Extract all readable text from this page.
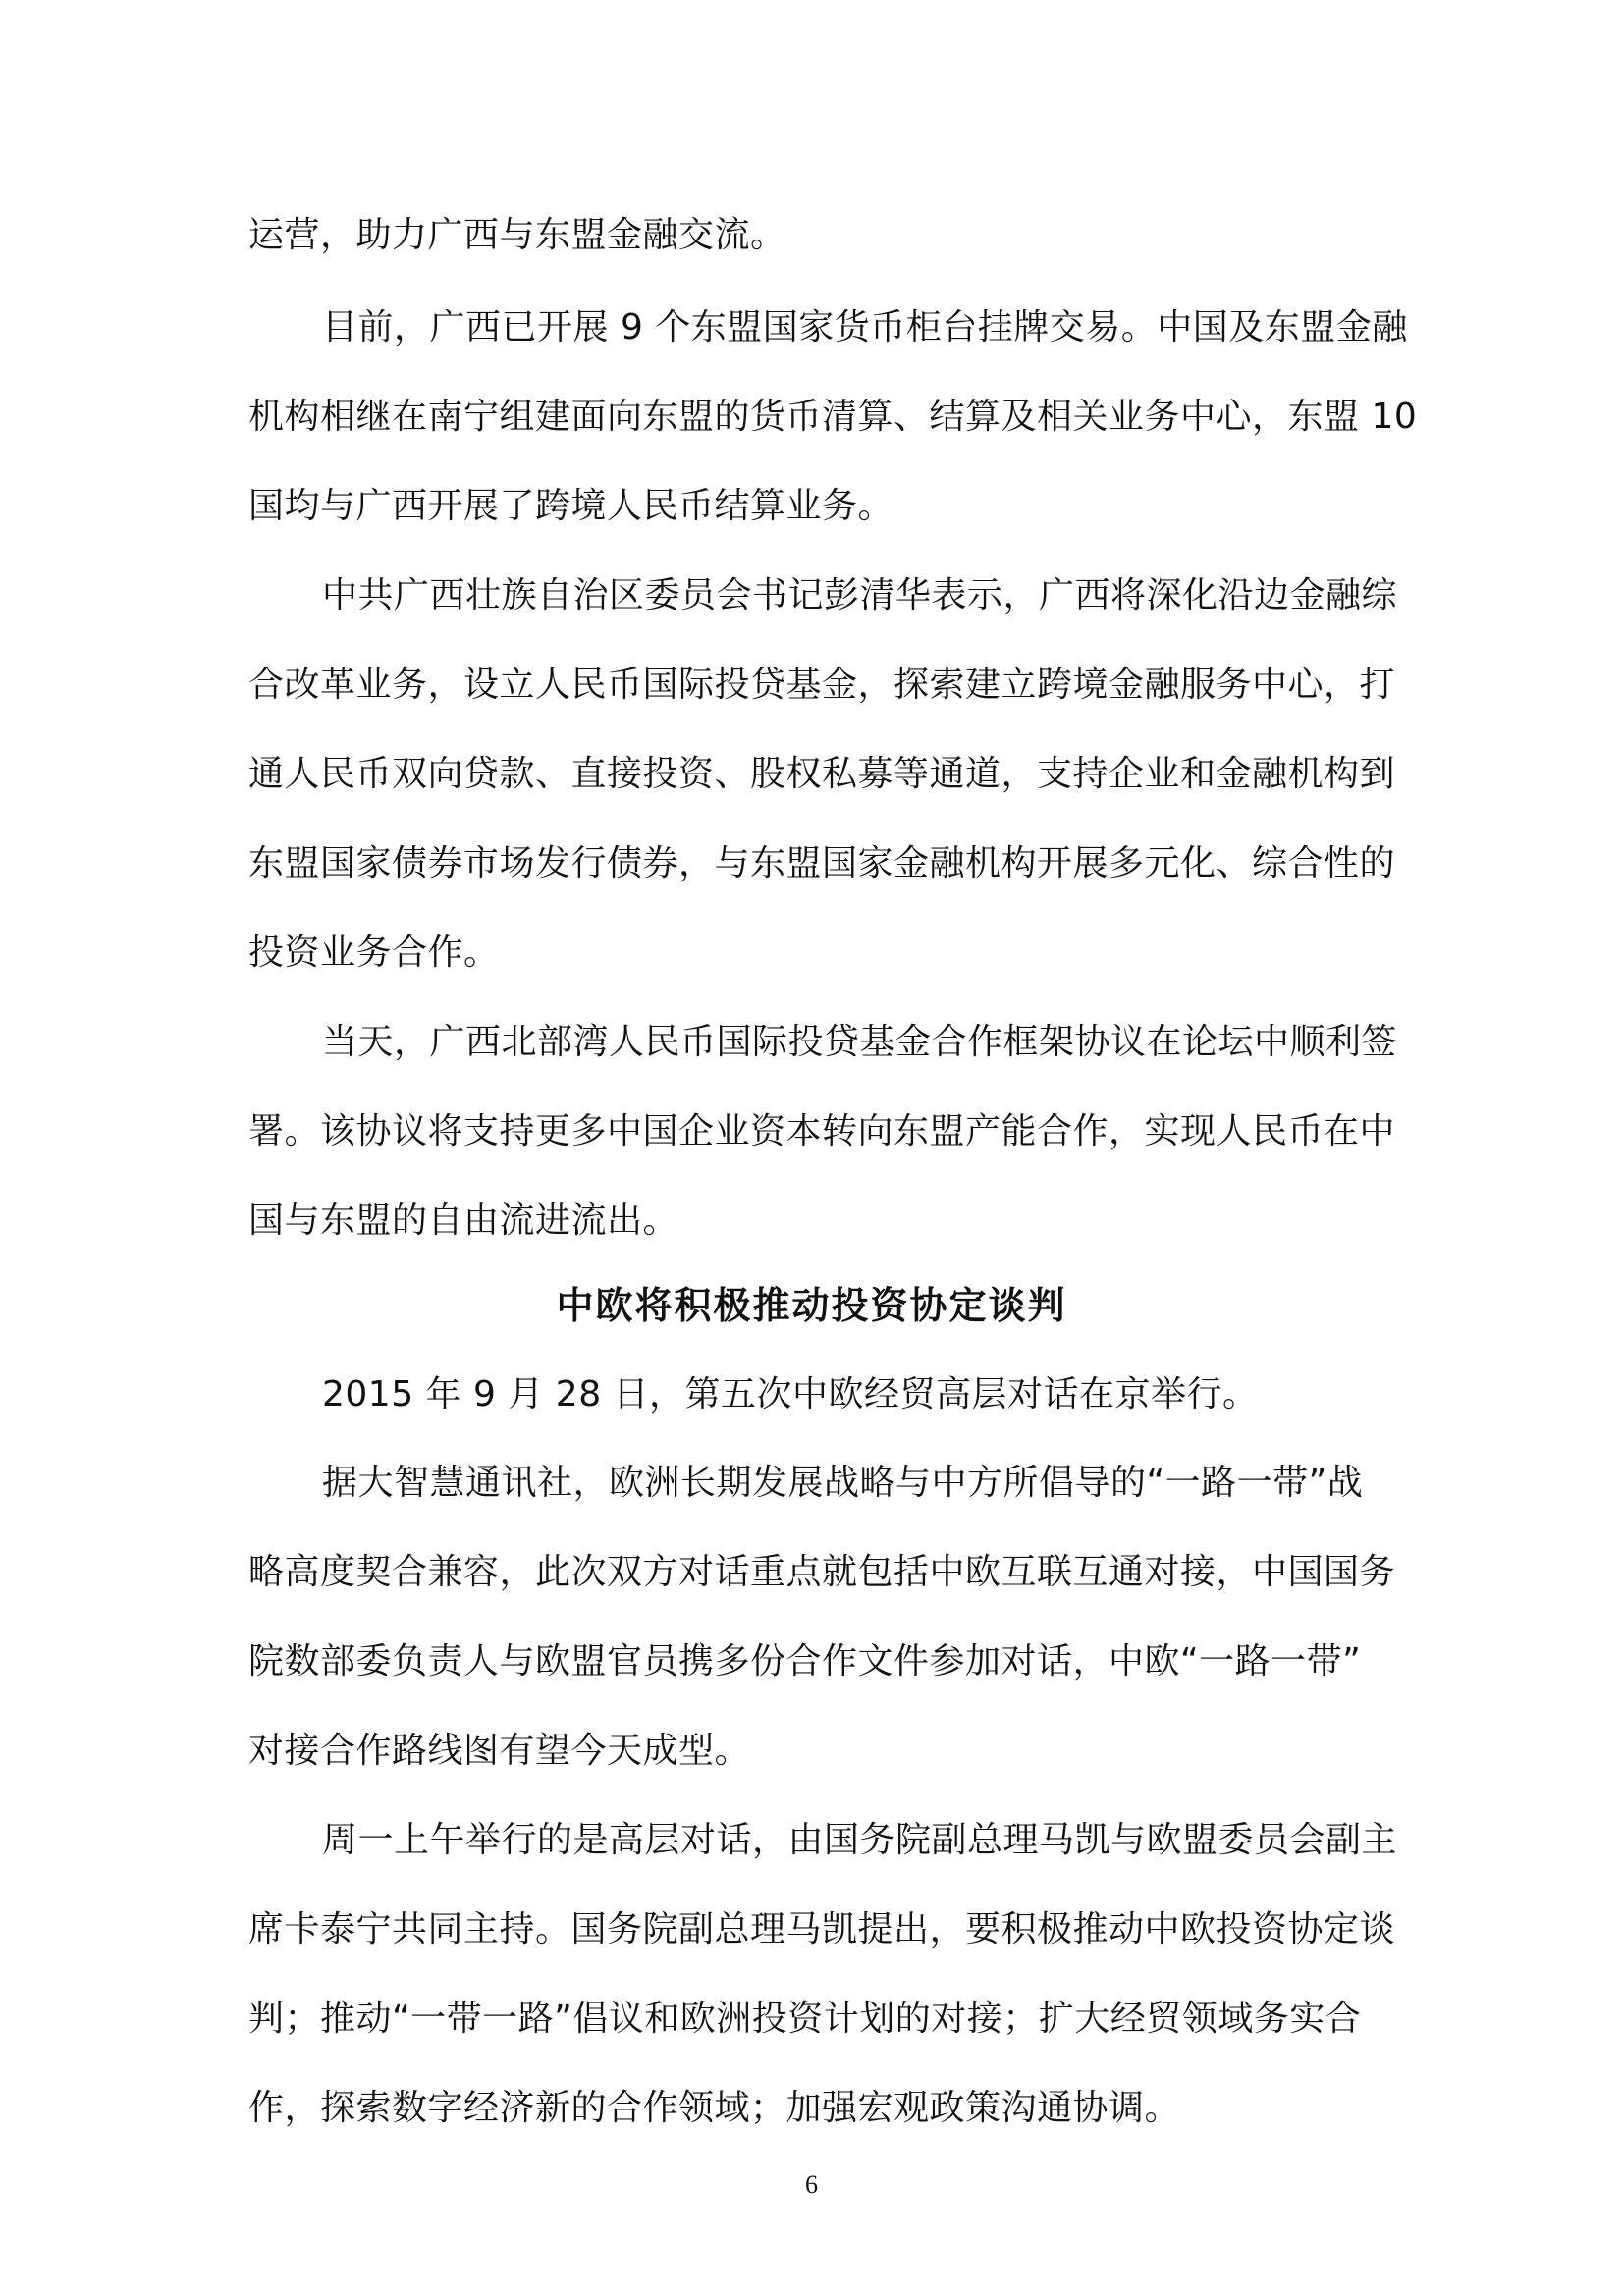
运营，助力广西与东盟金融交流。
目前，广西已开展 9 个东盟国家货币柜台挂牌交易。中国及东盟金融
机构相继在南宁组建面向东盟的货币清算、结算及相关业务中心，东盟 10
国均与广西开展了跨境人民币结算业务。
中共广西壮族自治区委员会书记彭清华表示，广西将深化沿边金融综
合改革业务，设立人民币国际投贷基金，探索建立跨境金融服务中心，打
通人民币双向贷款、直接投资、股权私募等通道，支持企业和金融机构到
东盟国家债券市场发行债券，与东盟国家金融机构开展多元化、综合性的
投资业务合作。
当天，广西北部湾人民币国际投贷基金合作框架协议在论坛中顺利签
署。该协议将支持更多中国企业资本转向东盟产能合作，实现人民币在中
国与东盟的自由流进流出。
中欧将积极推动投资协定谈判
2015 年 9 月 28 日，第五次中欧经贸高层对话在京举行。
据大智慧通讯社，欧洲长期发展战略与中方所倡导的“一路一带”战
略高度契合兼容，此次双方对话重点就包括中欧互联互通对接，中国国务
院数部委负责人与欧盟官员携多份合作文件参加对话，中欧“一路一带”
对接合作路线图有望今天成型。
周一上午举行的是高层对话，由国务院副总理马凯与欧盟委员会副主
席卡泰宁共同主持。国务院副总理马凯提出，要积极推动中欧投资协定谈
判；推动“一带一路”倡议和欧洲投资计划的对接；扩大经贸领域务实合
作，探索数字经济新的合作领域；加强宏观政策沟通协调。
6
